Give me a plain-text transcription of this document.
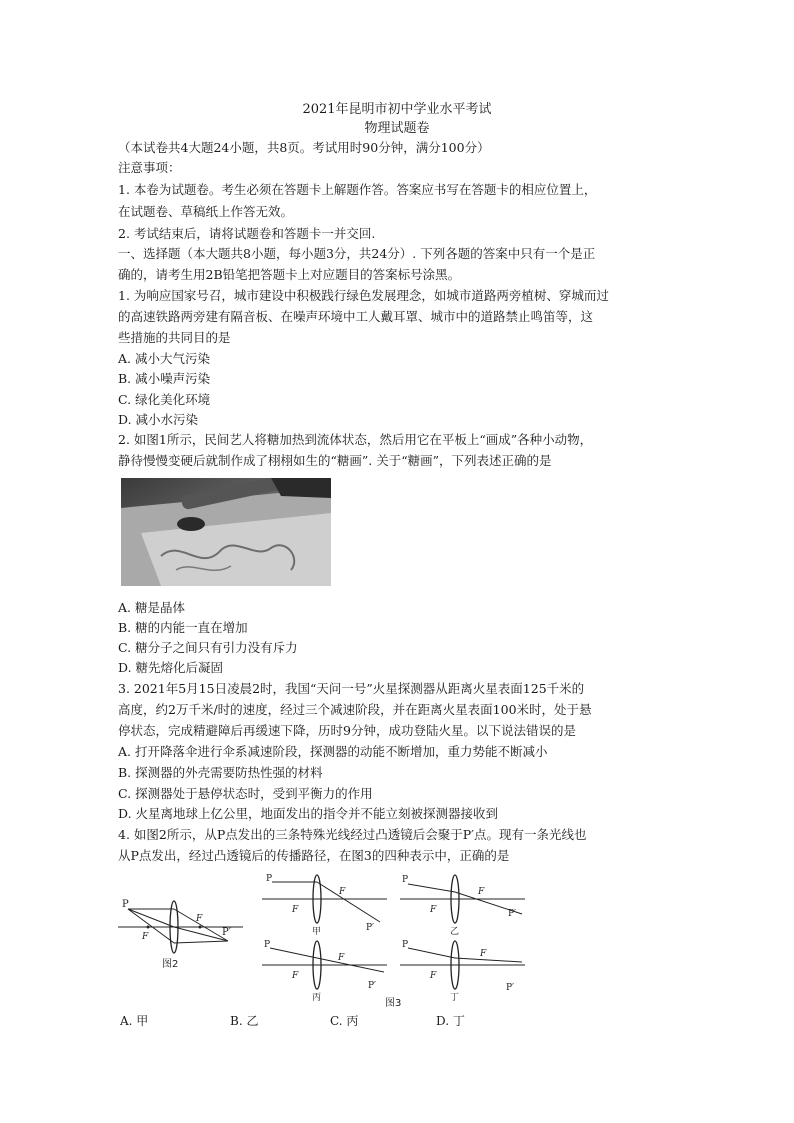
2021年昆明市初中学业水平考试
物理试题卷
（本试卷共4大题24小题，共8页。考试用时90分钟，满分100分）
注意事项：
1. 本卷为试题卷。考生必须在答题卡上解题作答。答案应书写在答题卡的相应位置上，
在试题卷、草稿纸上作答无效。
2. 考试结束后，请将试题卷和答题卡一并交回.
一、选择题（本大题共8小题，每小题3分，共24分）. 下列各题的答案中只有一个是正
确的，请考生用2B铅笔把答题卡上对应题目的答案标号涂黑。
1. 为响应国家号召，城市建设中积极践行绿色发展理念，如城市道路两旁植树、穿城而过
的高速铁路两旁建有隔音板、在噪声环境中工人戴耳罩、城市中的道路禁止鸣笛等，这
些措施的共同目的是
A. 减小大气污染
B. 减小噪声污染
C. 绿化美化环境
D. 减小水污染
2. 如图1所示，民间艺人将糖加热到流体状态，然后用它在平板上“画成”各种小动物，
静待慢慢变硬后就制作成了栩栩如生的“糖画”. 关于“糖画”，下列表述正确的是
A. 糖是晶体
B. 糖的内能一直在增加
C. 糖分子之间只有引力没有斥力
D. 糖先熔化后凝固
3. 2021年5月15日凌晨2时，我国“天问一号”火星探测器从距离火星表面125千米的
高度，约2万千米/时的速度，经过三个减速阶段，并在距离火星表面100米时，处于悬
停状态，完成精避障后再缓速下降，历时9分钟，成功登陆火星。以下说法错误的是
A. 打开降落伞进行伞系减速阶段，探测器的动能不断增加，重力势能不断减小
B. 探测器的外壳需要防热性强的材料
C. 探测器处于悬停状态时，受到平衡力的作用
D. 火星离地球上亿公里，地面发出的指令并不能立刻被探测器接收到
4. 如图2所示，从P点发出的三条特殊光线经过凸透镜后会聚于P′点。现有一条光线也
从P点发出，经过凸透镜后的传播路径，在图3的四种表示中，正确的是
P
P′
F
F
图2
P
F
F
P′
甲
P
F
F
P′
乙
P
F
F
P′
丙
P
F
F
P′
丁
图3
A. 甲	B. 乙	C. 丙	D. 丁
